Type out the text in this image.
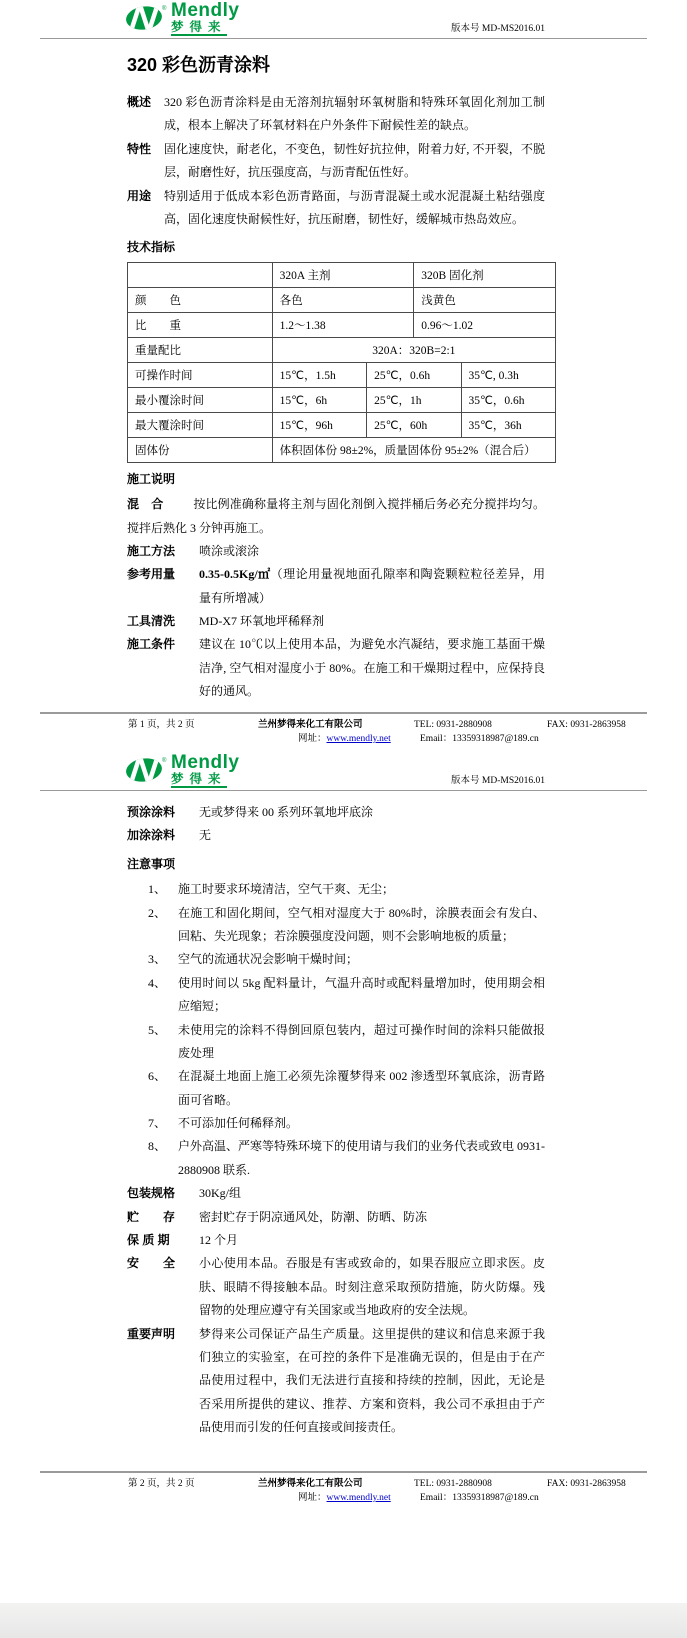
® Mendly
梦得来	版本号 MD-MS2016.01
320 彩色沥青涂料
概述	320 彩色沥青涂料是由无溶剂抗辐射环氧树脂和特殊环氧固化剂加工制成，根本上解决了环氧材料在户外条件下耐候性差的缺点。
特性	固化速度快，耐老化，不变色，韧性好抗拉伸，附着力好, 不开裂，不脱层，耐磨性好，抗压强度高，与沥青配伍性好。
用途	特别适用于低成本彩色沥青路面，与沥青混凝土或水泥混凝土粘结强度高，固化速度快耐候性好，抗压耐磨，韧性好，缓解城市热岛效应。
技术指标
	320A 主剂		320B 固化剂	
颜　　色	各色		浅黄色	
比　　重	1.2～1.38		0.96～1.02	
重量配比	320A：320B=2:1			
可操作时间	15℃，1.5h	25℃，0.6h		35℃, 0.3h
最小覆涂时间	15℃，6h	25℃，1h		35℃，0.6h
最大覆涂时间	15℃，96h	25℃，60h		35℃，36h
固体份	体积固体份 98±2%，质量固体份 95±2%（混合后）			
施工说明

混　合	按比例准确称量将主剂与固化剂倒入搅拌桶后务必充分搅拌均匀。搅拌后熟化 3 分钟再施工。

施工方法	喷涂或滚涂
参考用量	0.35-0.5Kg/㎡（理论用量视地面孔隙率和陶瓷颗粒粒径差异，用量有所增减）
工具清洗	MD-X7 环氧地坪稀释剂
施工条件	建议在 10℃以上使用本品，为避免水汽凝结，要求施工基面干燥洁净, 空气相对湿度小于 80%。在施工和干燥期过程中，应保持良好的通风。
第 1 页，共 2 页	兰州梦得来化工有限公司	TEL: 0931-2880908	FAX: 0931-2863958
网址：www.mendly.net	Email：13359318987@189.cn
® Mendly
梦得来	版本号 MD-MS2016.01
预涂涂料	无或梦得来 00 系列环氧地坪底涂
加涂涂料	无
注意事项
1、 施工时要求环境清洁，空气干爽、无尘；
2、 在施工和固化期间，空气相对湿度大于 80%时，涂膜表面会有发白、回粘、失光现象；若涂膜强度没问题，则不会影响地板的质量；
3、 空气的流通状况会影响干燥时间；
4、 使用时间以 5kg 配料量计，气温升高时或配料量增加时，使用期会相应缩短；
5、 未使用完的涂料不得倒回原包装内，超过可操作时间的涂料只能做报废处理
6、 在混凝土地面上施工必须先涂覆梦得来 002 渗透型环氧底涂，沥青路面可省略。
7、 不可添加任何稀释剂。
8、 户外高温、严寒等特殊环境下的使用请与我们的业务代表或致电 0931-2880908 联系.
包装规格	30Kg/组
贮　　存	密封贮存于阴凉通风处，防潮、防晒、防冻
保 质 期	12 个月
安　　全	小心使用本品。吞服是有害或致命的，如果吞服应立即求医。皮肤、眼睛不得接触本品。时刻注意采取预防措施，防火防爆。残留物的处理应遵守有关国家或当地政府的安全法规。
重要声明	梦得来公司保证产品生产质量。这里提供的建议和信息来源于我们独立的实验室，在可控的条件下是准确无误的，但是由于在产品使用过程中，我们无法进行直接和持续的控制，因此，无论是否采用所提供的建议、推荐、方案和资料，我公司不承担由于产品使用而引发的任何直接或间接责任。
第 2 页，共 2 页	兰州梦得来化工有限公司	TEL: 0931-2880908	FAX: 0931-2863958
网址：www.mendly.net	Email：13359318987@189.cn
